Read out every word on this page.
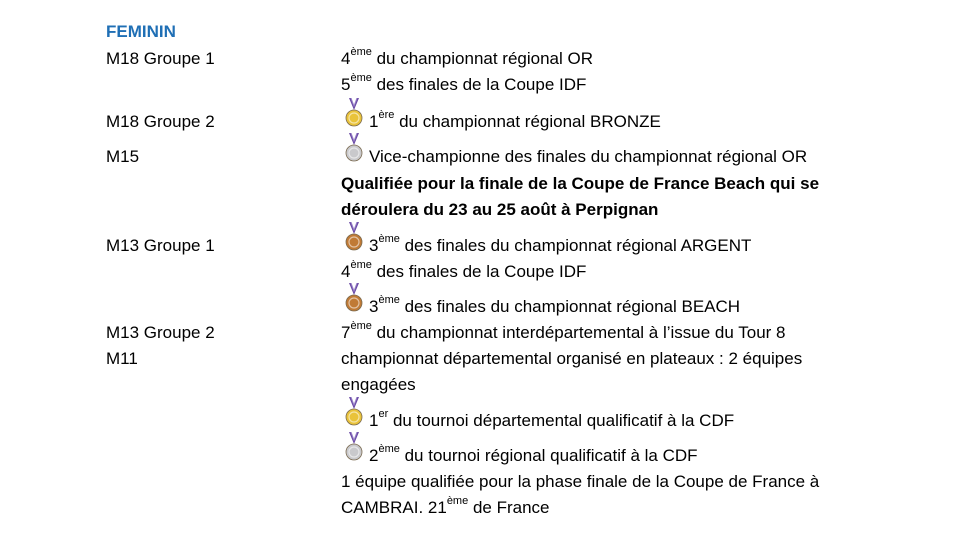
FEMININ
M18 Groupe 1
M18 Groupe 2
M15
M13 Groupe 1
M13 Groupe 2
M11
4ème du championnat régional OR
5ème des finales de la Coupe IDF
1ère du championnat régional BRONZE
Vice-championne des finales du championnat régional OR
Qualifiée pour la finale de la Coupe de France Beach qui se
déroulera du 23 au 25 août à Perpignan
3ème des finales du championnat régional ARGENT
4ème des finales de la Coupe IDF
3ème des finales du championnat régional BEACH
7ème du championnat interdépartemental à l’issue du Tour 8
championnat départemental organisé en plateaux : 2 équipes
engagées
1er du tournoi départemental qualificatif à la CDF
2ème du tournoi régional qualificatif à la CDF
1 équipe qualifiée pour la phase finale de la Coupe de France à
CAMBRAI. 21ème de France
